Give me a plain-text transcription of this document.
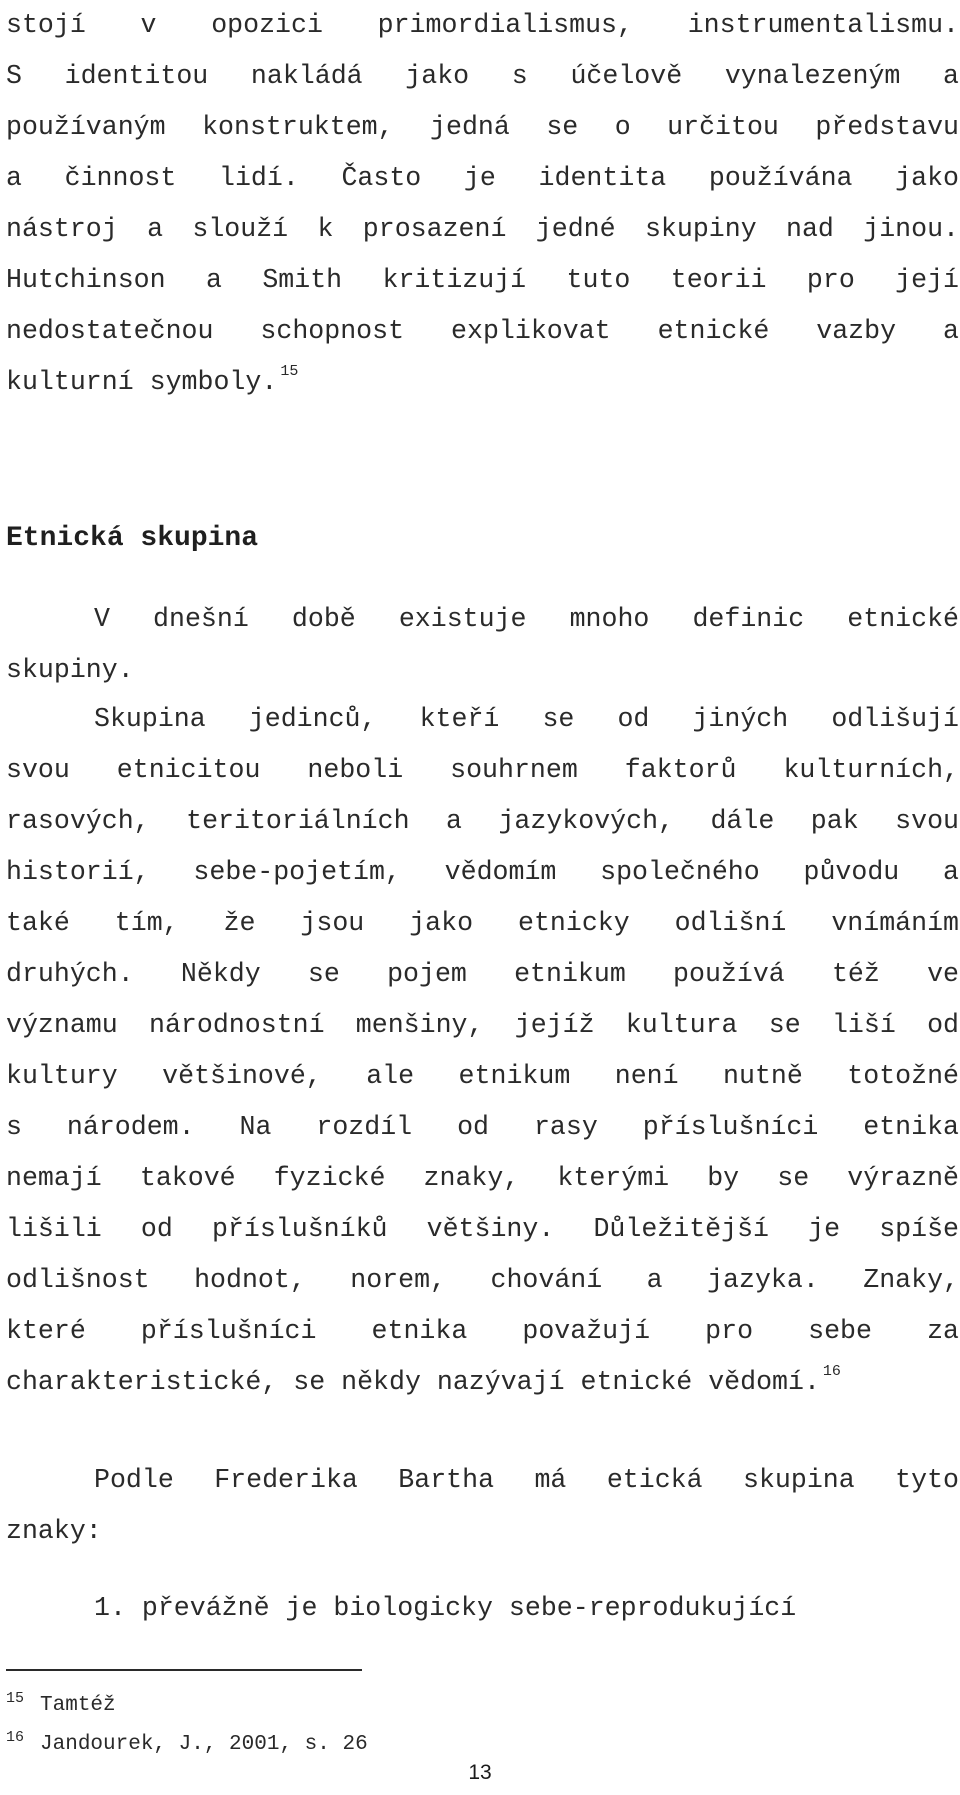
stojí v opozici primordialismus, instrumentalismu.
S identitou nakládá jako s účelově vynalezeným a
používaným konstruktem, jedná se o určitou představu
a činnost lidí. Často je identita používána jako
nástroj a slouží k prosazení jedné skupiny nad jinou.
Hutchinson a Smith kritizují tuto teorii pro její
nedostatečnou schopnost explikovat etnické vazby a
kulturní symboly. $^{15}$
Etnická skupina
V dnešní době existuje mnoho definic etnické
skupiny.
Skupina jedinců, kteří se od jiných odlišují
svou etnicitou neboli souhrnem faktorů kulturních,
rasových, teritoriálních a jazykových, dále pak svou
historií, sebe-pojetím, vědomím společného původu a
také tím, že jsou jako etnicky odlišní vnímáním
druhých. Někdy se pojem etnikum používá též ve
významu národnostní menšiny, jejíž kultura se liší od
kultury většinové, ale etnikum není nutně totožné
s národem. Na rozdíl od rasy příslušníci etnika
nemají takové fyzické znaky, kterými by se výrazně
lišili od příslušníků většiny. Důležitější je spíše
odlišnost hodnot, norem, chování a jazyka. Znaky,
které příslušníci etnika považují pro sebe za
charakteristické, se někdy nazývají etnické vědomí. $^{16}$
Podle Frederika Bartha má etická skupina tyto
znaky:
1. převážně je biologicky sebe-reprodukující
$^{15}$ Tamtéž
$^{16}$ Jandourek, J., 2001, s. 26
13
